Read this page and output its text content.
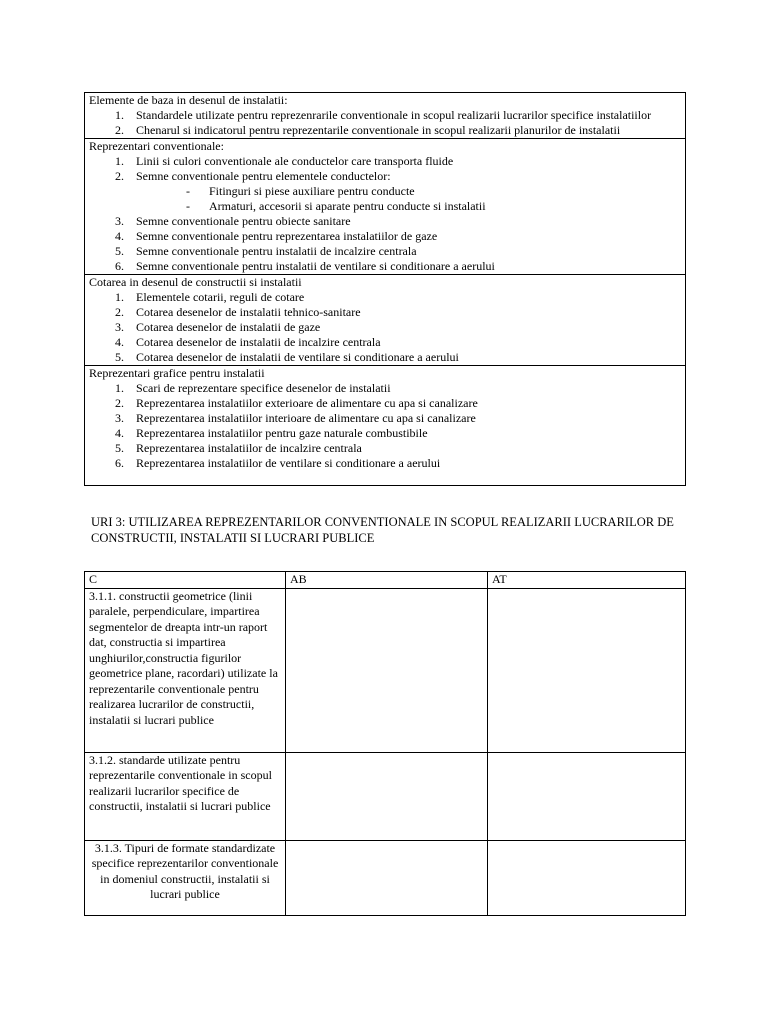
Elemente de baza in desenul de instalatii:
1. Standardele utilizate pentru reprezenrarile conventionale in scopul realizarii lucrarilor specifice instalatiilor
2. Chenarul si indicatorul pentru reprezentarile conventionale in scopul realizarii planurilor de instalatii

Reprezentari conventionale:
1. Linii si culori conventionale ale conductelor care transporta fluide
2. Semne conventionale pentru elementele conductelor:
- Fitinguri si piese auxiliare pentru conducte
- Armaturi, accesorii si aparate pentru conducte si instalatii
3. Semne conventionale pentru obiecte sanitare
4. Semne conventionale pentru reprezentarea instalatiilor de gaze
5. Semne conventionale pentru instalatii de incalzire centrala
6. Semne conventionale pentru instalatii de ventilare si conditionare a aerului

Cotarea in desenul de constructii si instalatii
1. Elementele cotarii, reguli de cotare
2. Cotarea desenelor de instalatii tehnico-sanitare
3. Cotarea desenelor de instalatii de gaze
4. Cotarea desenelor de instalatii de incalzire centrala
5. Cotarea desenelor de instalatii de ventilare si conditionare a aerului

Reprezentari grafice pentru instalatii
1. Scari de reprezentare specifice desenelor de instalatii
2. Reprezentarea instalatiilor exterioare de alimentare cu apa si canalizare
3. Reprezentarea instalatiilor interioare de alimentare cu apa si canalizare
4. Reprezentarea instalatiilor pentru gaze naturale combustibile
5. Reprezentarea instalatiilor de incalzire centrala
6. Reprezentarea instalatiilor de ventilare si conditionare a aerului
URI 3: UTILIZAREA REPREZENTARILOR CONVENTIONALE IN SCOPUL REALIZARII LUCRARILOR DE CONSTRUCTII, INSTALATII SI LUCRARI PUBLICE
C	AB	AT
3.1.1. constructii geometrice (linii paralele, perpendiculare, impartirea segmentelor de dreapta intr-un raport dat, constructia si impartirea unghiurilor,constructia figurilor geometrice plane, racordari) utilizate la reprezentarile conventionale pentru realizarea lucrarilor de constructii, instalatii si lucrari publice		
3.1.2. standarde utilizate pentru reprezentarile conventionale in scopul realizarii lucrarilor specifice de constructii, instalatii si lucrari publice		
3.1.3. Tipuri de formate standardizate specifice reprezentarilor conventionale in domeniul constructii, instalatii si lucrari publice		
